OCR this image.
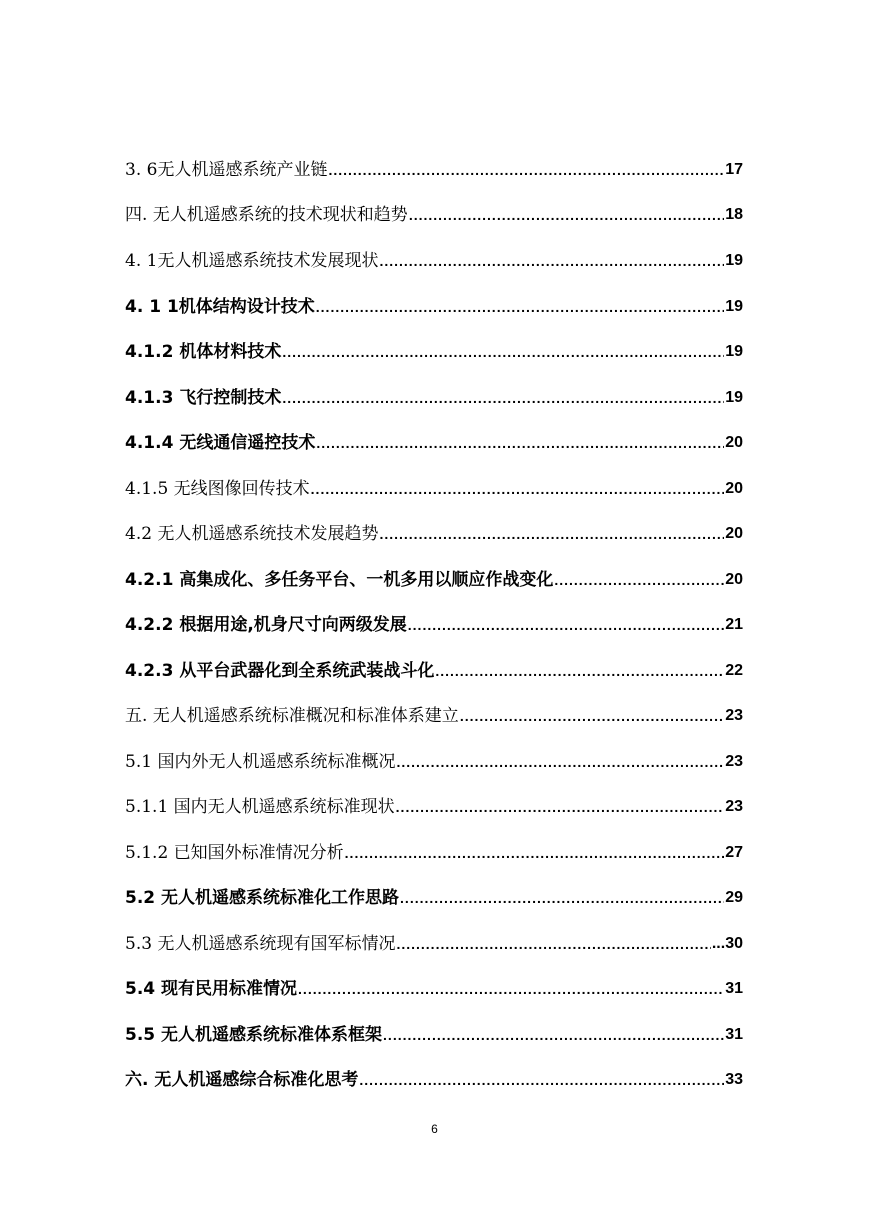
3. 6无人机遥感系统产业链 .....	17
四. 无人机遥感系统的技术现状和趋势 .....	18
4. 1无人机遥感系统技术发展现状 .....	19
4. 1 1机体结构设计技术 .....	19
4.1.2 机体材料技术 .....	19
4.1.3 飞行控制技术 .....	19
4.1.4 无线通信遥控技术 .....	20
4.1.5 无线图像回传技术 .....	20
4.2 无人机遥感系统技术发展趋势 .....	20
4.2.1 高集成化、多任务平台、一机多用以顺应作战变化 .....	20
4.2.2 根据用途,机身尺寸向两级发展 .....	21
4.2.3 从平台武器化到全系统武装战斗化 .....	22
五. 无人机遥感系统标准概况和标准体系建立 .....	23
5.1 国内外无人机遥感系统标准概况 .....	23
5.1.1 国内无人机遥感系统标准现状 .....	23
5.1.2 已知国外标准情况分析 .....	27
5.2 无人机遥感系统标准化工作思路 .....	29
5.3 无人机遥感系统现有国军标情况 .....	...30
5.4 现有民用标准情况 .....	31
5.5 无人机遥感系统标准体系框架 .....	31
六. 无人机遥感综合标准化思考 .....	33
6
